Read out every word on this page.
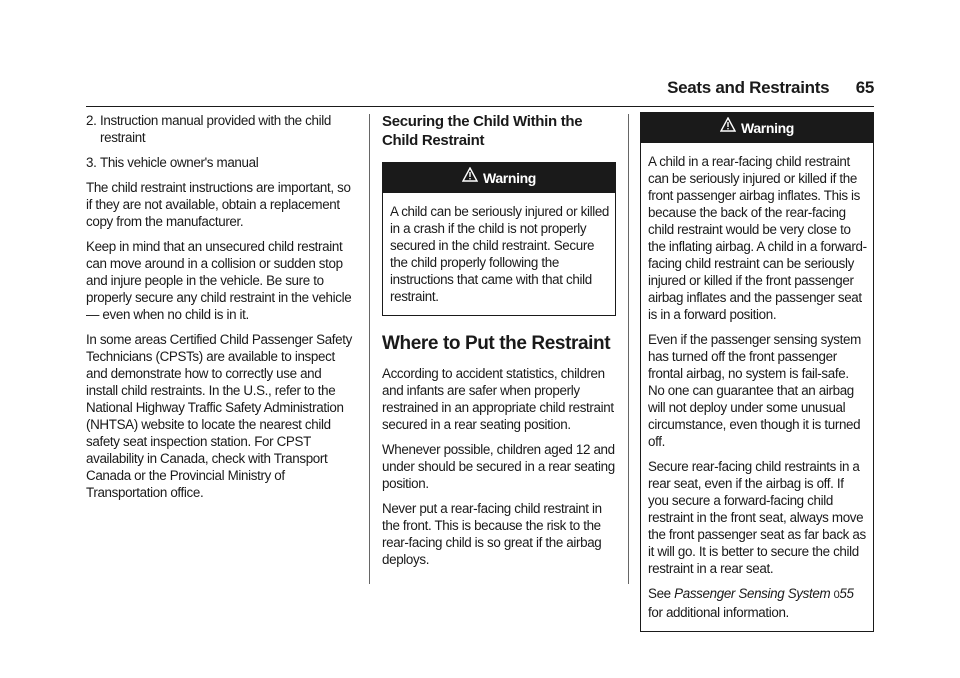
Seats and Restraints 65

2. Instruction manual provided with the child restraint

3. This vehicle owner's manual

The child restraint instructions are important, so if they are not available, obtain a replacement copy from the manufacturer.

Keep in mind that an unsecured child restraint can move around in a collision or sudden stop and injure people in the vehicle. Be sure to properly secure any child restraint in the vehicle — even when no child is in it.

In some areas Certified Child Passenger Safety Technicians (CPSTs) are available to inspect and demonstrate how to correctly use and install child restraints. In the U.S., refer to the National Highway Traffic Safety Administration (NHTSA) website to locate the nearest child safety seat inspection station. For CPST availability in Canada, check with Transport Canada or the Provincial Ministry of Transportation office.

Securing the Child Within the Child Restraint
Warning

A child can be seriously injured or killed in a crash if the child is not properly secured in the child restraint. Secure the child properly following the instructions that came with that child restraint.

Where to Put the Restraint

According to accident statistics, children and infants are safer when properly restrained in an appropriate child restraint secured in a rear seating position.

Whenever possible, children aged 12 and under should be secured in a rear seating position.

Never put a rear-facing child restraint in the front. This is because the risk to the rear-facing child is so great if the airbag deploys.

Warning

A child in a rear-facing child restraint can be seriously injured or killed if the front passenger airbag inflates. This is because the back of the rear-facing child restraint would be very close to the inflating airbag. A child in a forward-facing child restraint can be seriously injured or killed if the front passenger airbag inflates and the passenger seat is in a forward position.

Even if the passenger sensing system has turned off the front passenger frontal airbag, no system is fail-safe. No one can guarantee that an airbag will not deploy under some unusual circumstance, even though it is turned off.

Secure rear-facing child restraints in a rear seat, even if the airbag is off. If you secure a forward-facing child restraint in the front seat, always move the front passenger seat as far back as it will go. It is better to secure the child restraint in a rear seat.

See Passenger Sensing System 055 for additional information.
